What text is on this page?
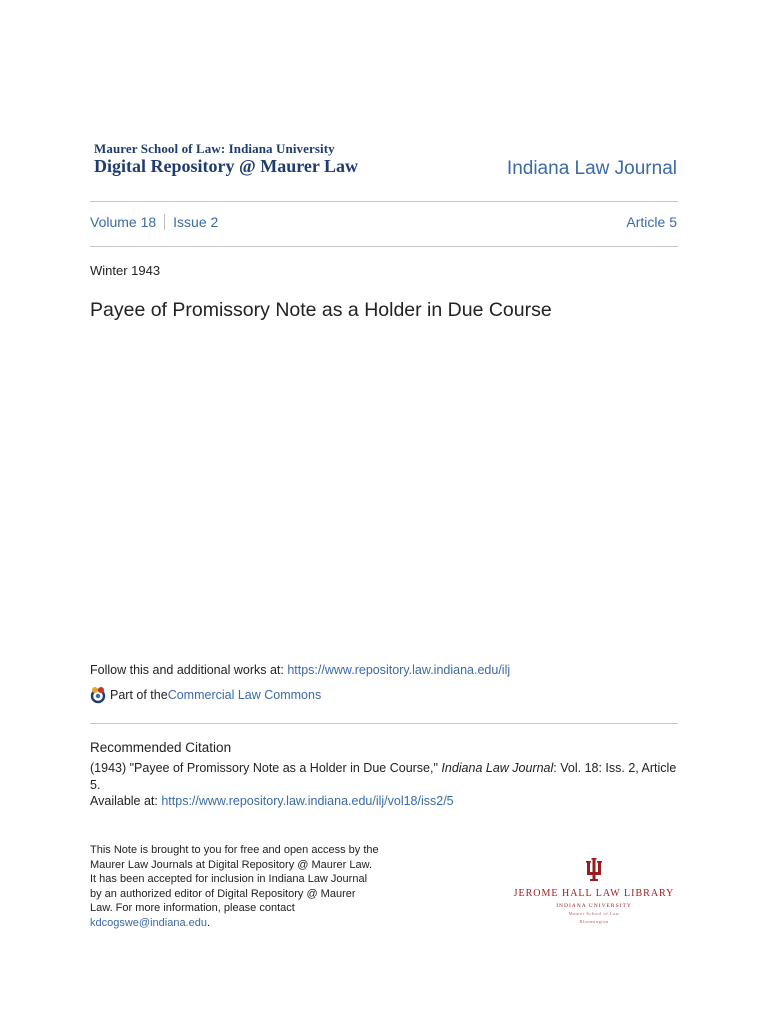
Maurer School of Law: Indiana University
Digital Repository @ Maurer Law	Indiana Law Journal
Volume 18 Issue 2	Article 5
Winter 1943
Payee of Promissory Note as a Holder in Due Course
Follow this and additional works at: https://www.repository.law.indiana.edu/ilj
Part of the Commercial Law Commons
Recommended Citation
(1943) "Payee of Promissory Note as a Holder in Due Course," Indiana Law Journal: Vol. 18: Iss. 2, Article 5.
Available at: https://www.repository.law.indiana.edu/ilj/vol18/iss2/5
This Note is brought to you for free and open access by the Maurer Law Journals at Digital Repository @ Maurer Law. It has been accepted for inclusion in Indiana Law Journal by an authorized editor of Digital Repository @ Maurer Law. For more information, please contact kdcogswe@indiana.edu.
JEROME HALL LAW LIBRARY
INDIANA UNIVERSITY
Maurer School of Law
Bloomington
